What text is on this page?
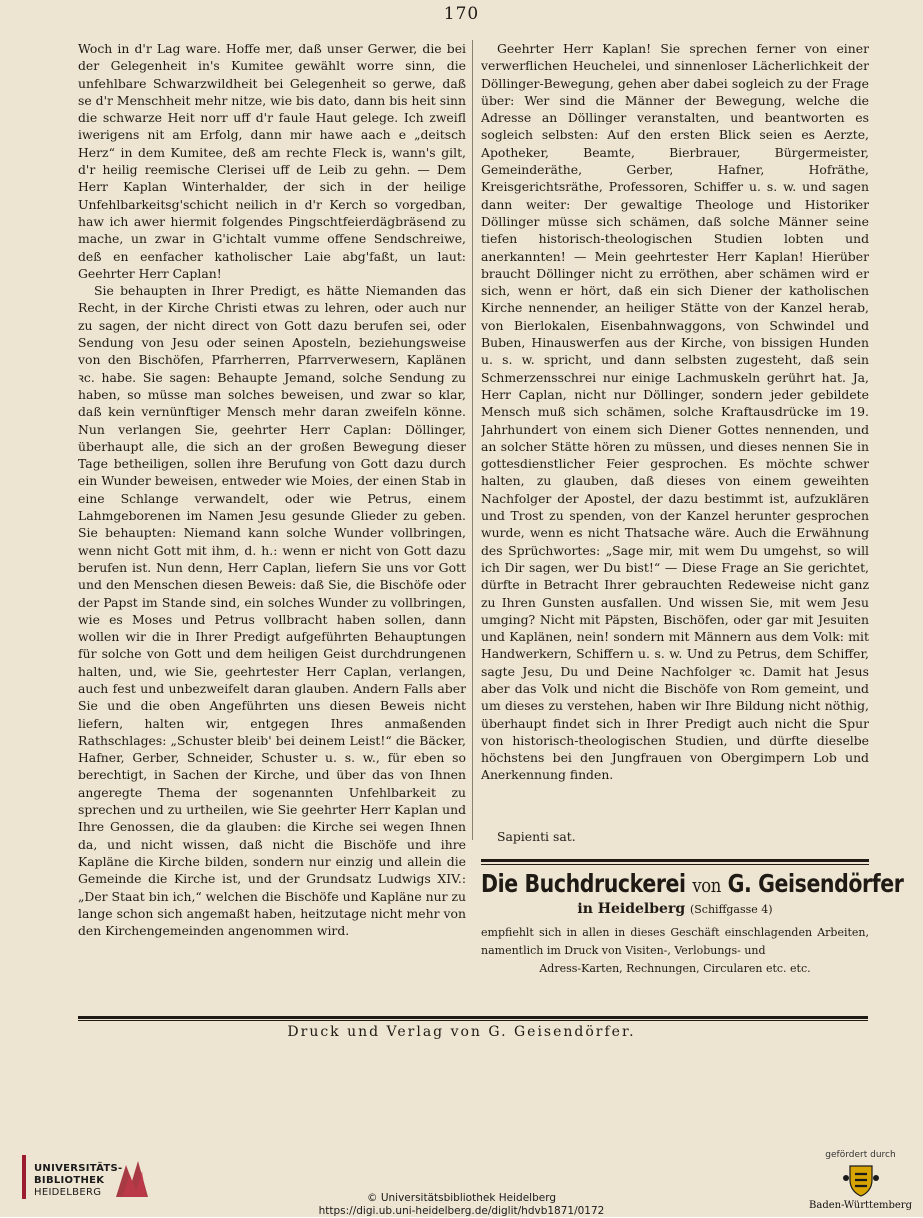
170

Woch in d'r Lag ware. Hoffe mer, daß unser Gerwer, die bei der Gelegenheit in's Kumitee gewählt worre sinn, die unfehlbare Schwarzwildheit bei Gelegenheit so gerwe, daß se d'r Menschheit mehr nitze, wie bis dato, dann bis heit sinn die schwarze Heit norr uff d'r faule Haut gelege. Ich zweifl iwerigens nit am Erfolg, dann mir hawe aach e „deitsch Herz“ in dem Kumitee, deß am rechte Fleck is, wann's gilt, d'r heilig reemische Clerisei uff de Leib zu gehn. — Dem Herr Kaplan Winterhalder, der sich in der heilige Unfehlbarkeitsg'schicht neilich in d'r Kerch so vorgedban, haw ich awer hiermit folgendes Pingschtfeierdägbräsend zu mache, un zwar in G'ichtalt vumme offene Sendschreiwe, deß en eenfacher katholischer Laie abg'faßt, un laut: Geehrter Herr Caplan!

Sie behaupten in Ihrer Predigt, es hätte Niemanden das Recht, in der Kirche Christi etwas zu lehren, oder auch nur zu sagen, der nicht direct von Gott dazu berufen sei, oder Sendung von Jesu oder seinen Aposteln, beziehungsweise von den Bischöfen, Pfarrherren, Pfarrverwesern, Kaplänen ꝛc. habe. Sie sagen: Behaupte Jemand, solche Sendung zu haben, so müsse man solches beweisen, und zwar so klar, daß kein vernünftiger Mensch mehr daran zweifeln könne. Nun verlangen Sie, geehrter Herr Caplan: Döllinger, überhaupt alle, die sich an der großen Bewegung dieser Tage betheiligen, sollen ihre Berufung von Gott dazu durch ein Wunder beweisen, entweder wie Moies, der einen Stab in eine Schlange verwandelt, oder wie Petrus, einem Lahmgeborenen im Namen Jesu gesunde Glieder zu geben. Sie behaupten: Niemand kann solche Wunder vollbringen, wenn nicht Gott mit ihm, d. h.: wenn er nicht von Gott dazu berufen ist. Nun denn, Herr Caplan, liefern Sie uns vor Gott und den Menschen diesen Beweis: daß Sie, die Bischöfe oder der Papst im Stande sind, ein solches Wunder zu vollbringen, wie es Moses und Petrus vollbracht haben sollen, dann wollen wir die in Ihrer Predigt aufgeführten Behauptungen für solche von Gott und dem heiligen Geist durchdrungenen halten, und, wie Sie, geehrtester Herr Caplan, verlangen, auch fest und unbezweifelt daran glauben. Andern Falls aber Sie und die oben Angeführten uns diesen Beweis nicht liefern, halten wir, entgegen Ihres anmaßenden Rathschlages: „Schuster bleib' bei deinem Leist!“ die Bäcker, Hafner, Gerber, Schneider, Schuster u. s. w., für eben so berechtigt, in Sachen der Kirche, und über das von Ihnen angeregte Thema der sogenannten Unfehlbarkeit zu sprechen und zu urtheilen, wie Sie geehrter Herr Kaplan und Ihre Genossen, die da glauben: die Kirche sei wegen Ihnen da, und nicht wissen, daß nicht die Bischöfe und ihre Kapläne die Kirche bilden, sondern nur einzig und allein die Gemeinde die Kirche ist, und der Grundsatz Ludwigs XIV.: „Der Staat bin ich,“ welchen die Bischöfe und Kapläne nur zu lange schon sich angemaßt haben, heitzutage nicht mehr von den Kirchengemeinden angenommen wird.

Geehrter Herr Kaplan! Sie sprechen ferner von einer verwerflichen Heuchelei, und sinnenloser Lächerlichkeit der Döllinger-Bewegung, gehen aber dabei sogleich zu der Frage über: Wer sind die Männer der Bewegung, welche die Adresse an Döllinger veranstalten, und beantworten es sogleich selbsten: Auf den ersten Blick seien es Aerzte, Apotheker, Beamte, Bierbrauer, Bürgermeister, Gemeinderäthe, Gerber, Hafner, Hofräthe, Kreisgerichtsräthe, Professoren, Schiffer u. s. w. und sagen dann weiter: Der gewaltige Theologe und Historiker Döllinger müsse sich schämen, daß solche Männer seine tiefen historisch-theologischen Studien lobten und anerkannten! — Mein geehrtester Herr Kaplan! Hierüber braucht Döllinger nicht zu erröthen, aber schämen wird er sich, wenn er hört, daß ein sich Diener der katholischen Kirche nennender, an heiliger Stätte von der Kanzel herab, von Bierlokalen, Eisenbahnwaggons, von Schwindel und Buben, Hinauswerfen aus der Kirche, von bissigen Hunden u. s. w. spricht, und dann selbsten zugesteht, daß sein Schmerzensschrei nur einige Lachmuskeln gerührt hat. Ja, Herr Caplan, nicht nur Döllinger, sondern jeder gebildete Mensch muß sich schämen, solche Kraftausdrücke im 19. Jahrhundert von einem sich Diener Gottes nennenden, und an solcher Stätte hören zu müssen, und dieses nennen Sie in gottesdienstlicher Feier gesprochen. Es möchte schwer halten, zu glauben, daß dieses von einem geweihten Nachfolger der Apostel, der dazu bestimmt ist, aufzuklären und Trost zu spenden, von der Kanzel herunter gesprochen wurde, wenn es nicht Thatsache wäre. Auch die Erwähnung des Sprüchwortes: „Sage mir, mit wem Du umgehst, so will ich Dir sagen, wer Du bist!“ — Diese Frage an Sie gerichtet, dürfte in Betracht Ihrer gebrauchten Redeweise nicht ganz zu Ihren Gunsten ausfallen. Und wissen Sie, mit wem Jesu umging? Nicht mit Päpsten, Bischöfen, oder gar mit Jesuiten und Kaplänen, nein! sondern mit Männern aus dem Volk: mit Handwerkern, Schiffern u. s. w. Und zu Petrus, dem Schiffer, sagte Jesu, Du und Deine Nachfolger ꝛc. Damit hat Jesus aber das Volk und nicht die Bischöfe von Rom gemeint, und um dieses zu verstehen, haben wir Ihre Bildung nicht nöthig, überhaupt findet sich in Ihrer Predigt auch nicht die Spur von historisch-theologischen Studien, und dürfte dieselbe höchstens bei den Jungfrauen von Obergimpern Lob und Anerkennung finden.

Sapienti sat.

Die Buchdruckerei von G. Geisendörfer
in Heidelberg (Schiffgasse 4)
empfiehlt sich in allen in dieses Geschäft einschlagenden Arbeiten, namentlich im Druck von Visiten-, Verlobungs- und
Adress-Karten, Rechnungen, Circularen etc. etc.
Druck und Verlag von G. Geisendörfer.
UNIVERSITÄTS-
BIBLIOTHEK
HEIDELBERG	© Universitätsbibliothek Heidelberg
https://digi.ub.uni-heidelberg.de/diglit/hdvb1871/0172
gefördert durch
Baden-Württemberg
